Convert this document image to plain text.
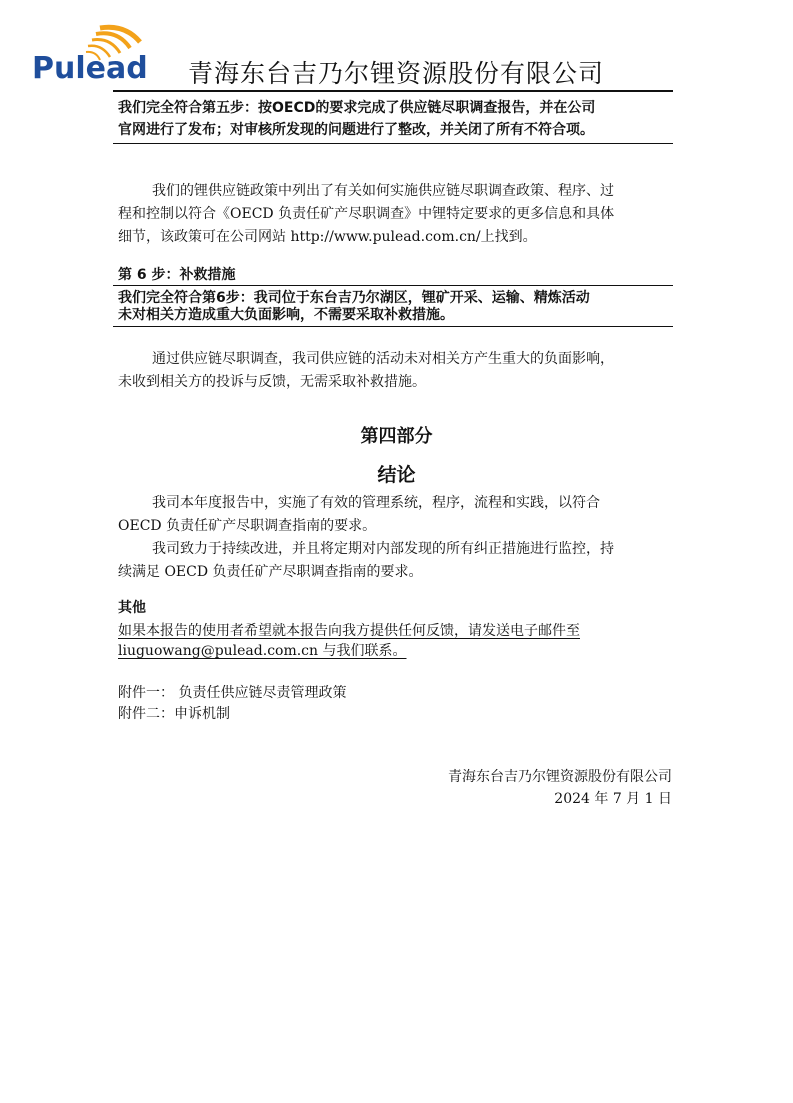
Pulead 青海东台吉乃尔锂资源股份有限公司
我们完全符合第五步：按OECD的要求完成了供应链尽职调查报告，并在公司
官网进行了发布；对审核所发现的问题进行了整改，并关闭了所有不符合项。
我们的锂供应链政策中列出了有关如何实施供应链尽职调查政策、程序、过
程和控制以符合《OECD 负责任矿产尽职调查》中锂特定要求的更多信息和具体
细节，该政策可在公司网站 http://www.pulead.com.cn/上找到。
第 6 步：补救措施
我们完全符合第6步：我司位于东台吉乃尔湖区，锂矿开采、运输、精炼活动
未对相关方造成重大负面影响，不需要采取补救措施。
通过供应链尽职调查，我司供应链的活动未对相关方产生重大的负面影响，
未收到相关方的投诉与反馈，无需采取补救措施。
第四部分
结论
我司本年度报告中，实施了有效的管理系统，程序，流程和实践，以符合
OECD 负责任矿产尽职调查指南的要求。
我司致力于持续改进，并且将定期对内部发现的所有纠正措施进行监控，持
续满足 OECD 负责任矿产尽职调查指南的要求。
其他
如果本报告的使用者希望就本报告向我方提供任何反馈，请发送电子邮件至
liuguowang@pulead.com.cn 与我们联系。
附件一： 负责任供应链尽责管理政策
附件二：申诉机制
青海东台吉乃尔锂资源股份有限公司
2024 年 7 月 1 日
